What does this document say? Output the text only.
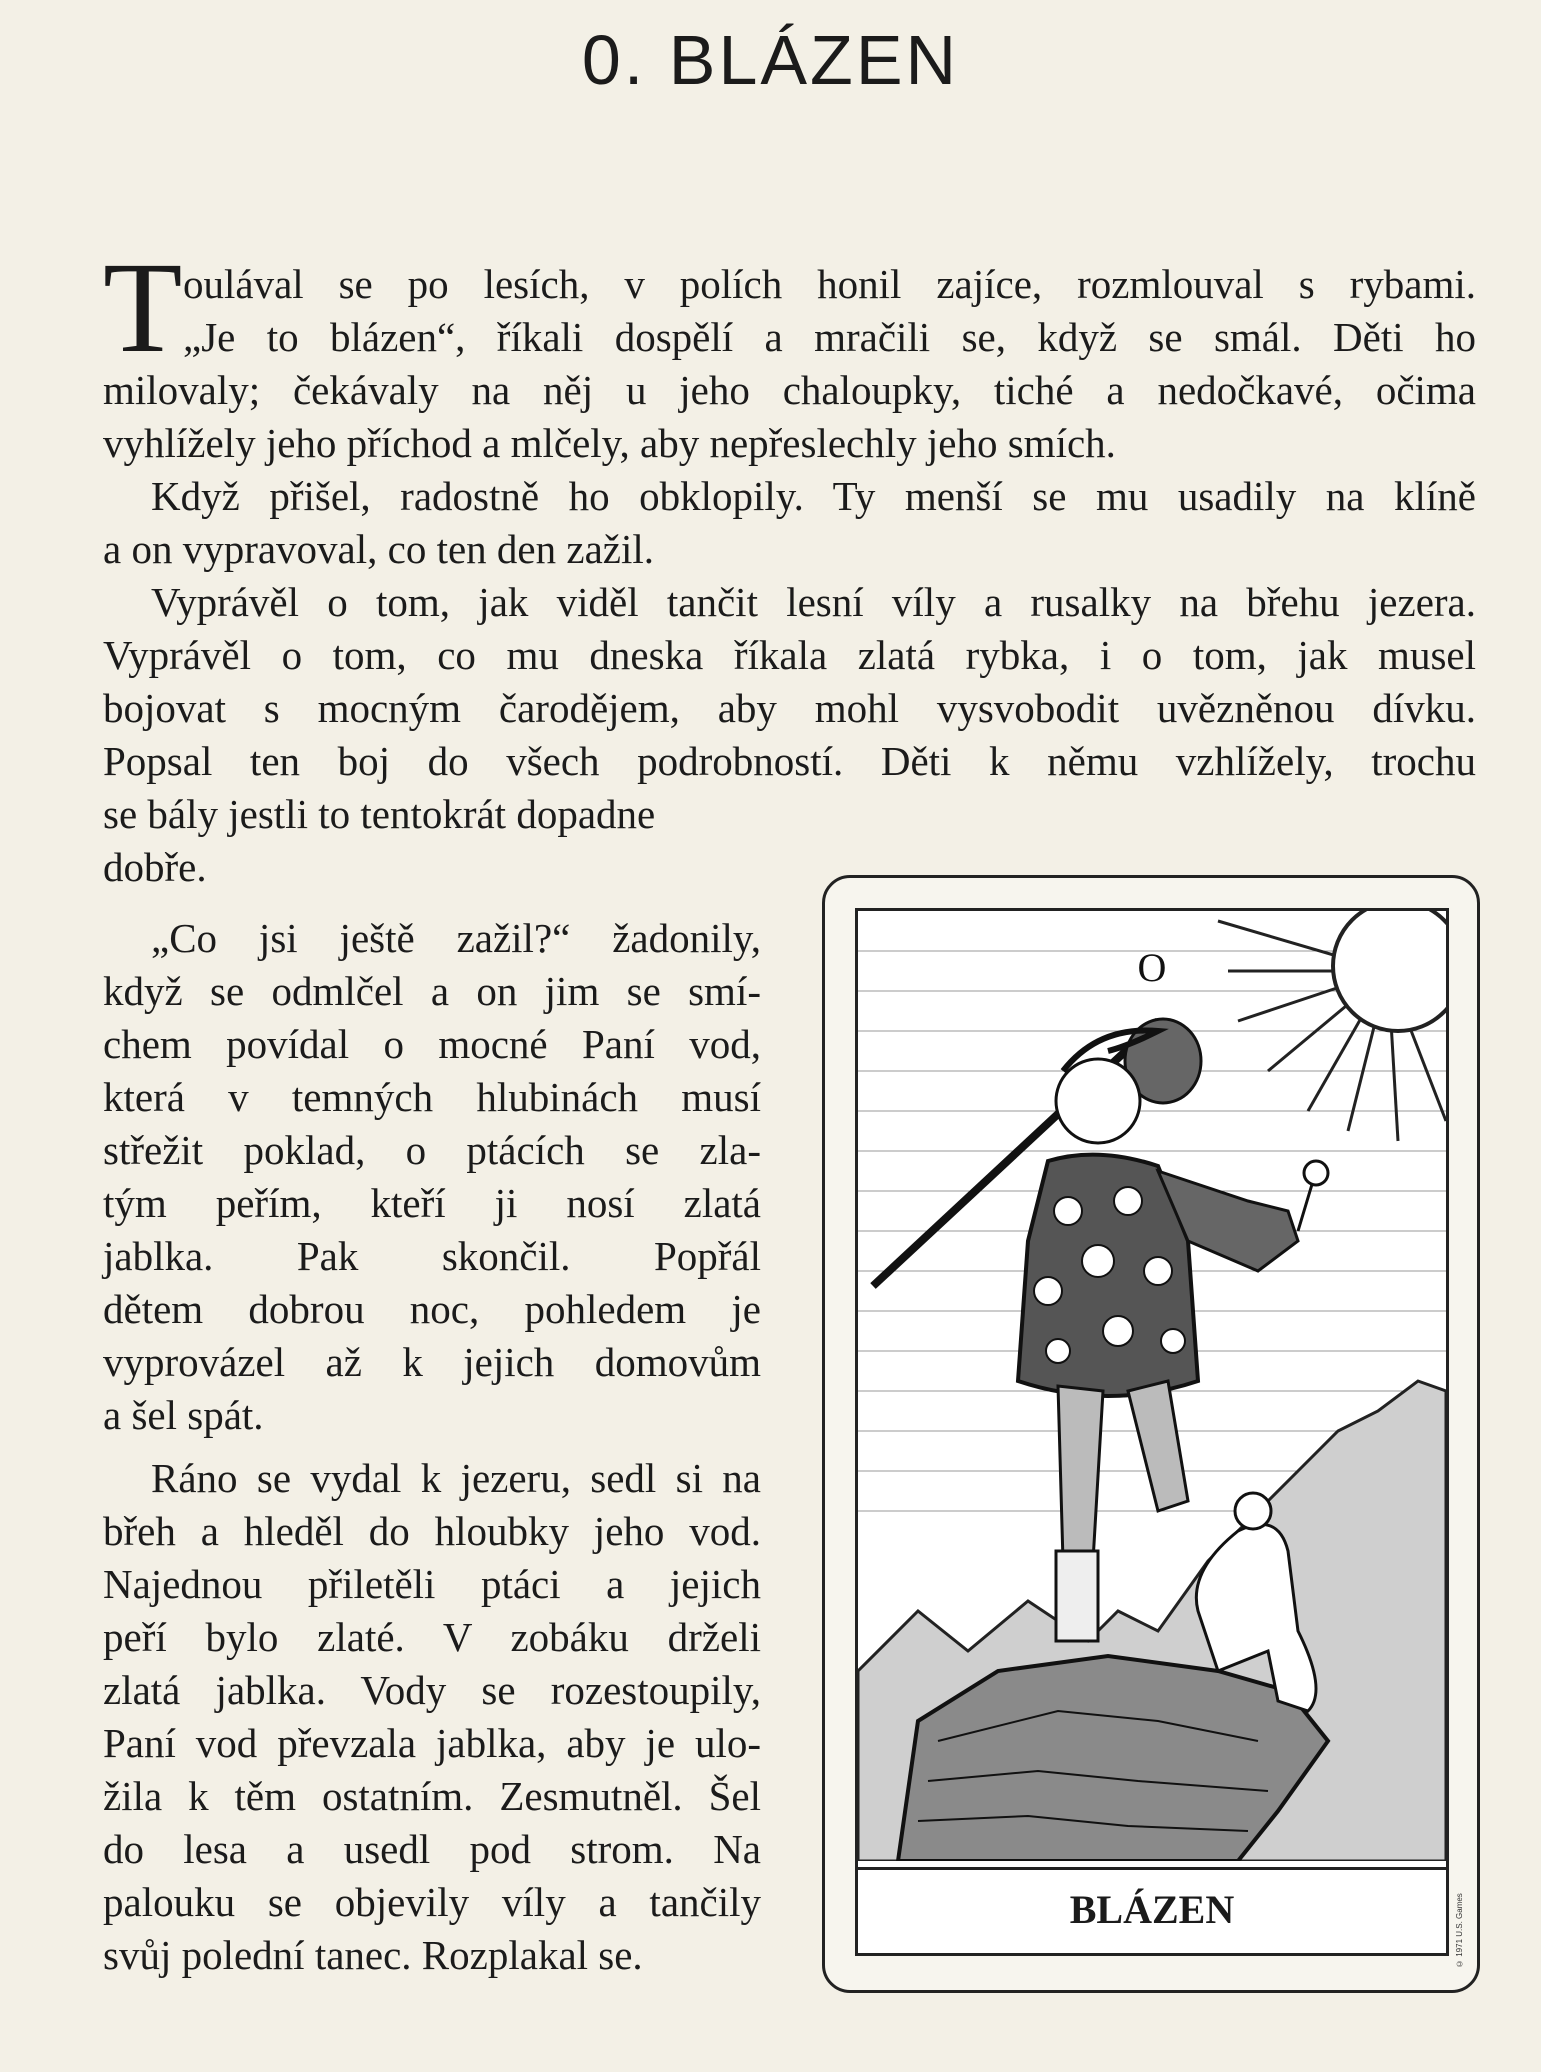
0. BLÁZEN
T oulával se po lesích, v polích honil zajíce, rozmlouval s rybami.
„Je to blázen“, říkali dospělí a mračili se, když se smál. Děti ho
milovaly; čekávaly na něj u jeho chaloupky, tiché a nedočkavé, očima
vyhlížely jeho příchod a mlčely, aby nepřeslechly jeho smích.
Když přišel, radostně ho obklopily. Ty menší se mu usadily na klíně
a on vypravoval, co ten den zažil.
Vyprávěl o tom, jak viděl tančit lesní víly a rusalky na břehu jezera.
Vyprávěl o tom, co mu dneska říkala zlatá rybka, i o tom, jak musel
bojovat s mocným čarodějem, aby mohl vysvobodit uvězněnou dívku.
Popsal ten boj do všech podrobností. Děti k němu vzhlížely, trochu
se bály jestli to tentokrát dopadne
dobře.
„Co jsi ještě zažil?“ žadonily,
když se odmlčel a on jim se smí-
chem povídal o mocné Paní vod,
která v temných hlubinách musí
střežit poklad, o ptácích se zla-
tým peřím, kteří ji nosí zlatá
jablka. Pak skončil. Popřál
dětem dobrou noc, pohledem je
vyprovázel až k jejich domovům
a šel spát.
Ráno se vydal k jezeru, sedl si na
břeh a hleděl do hloubky jeho vod.
Najednou přiletěli ptáci a jejich
peří bylo zlaté. V zobáku drželi
zlatá jablka. Vody se rozestoupily,
Paní vod převzala jablka, aby je ulo-
žila k těm ostatním. Zesmutněl. Šel
do lesa a usedl pod strom. Na
palouku se objevily víly a tančily
svůj polední tanec. Rozplakal se.
O
BLÁZEN	© 1971 U.S. Games
